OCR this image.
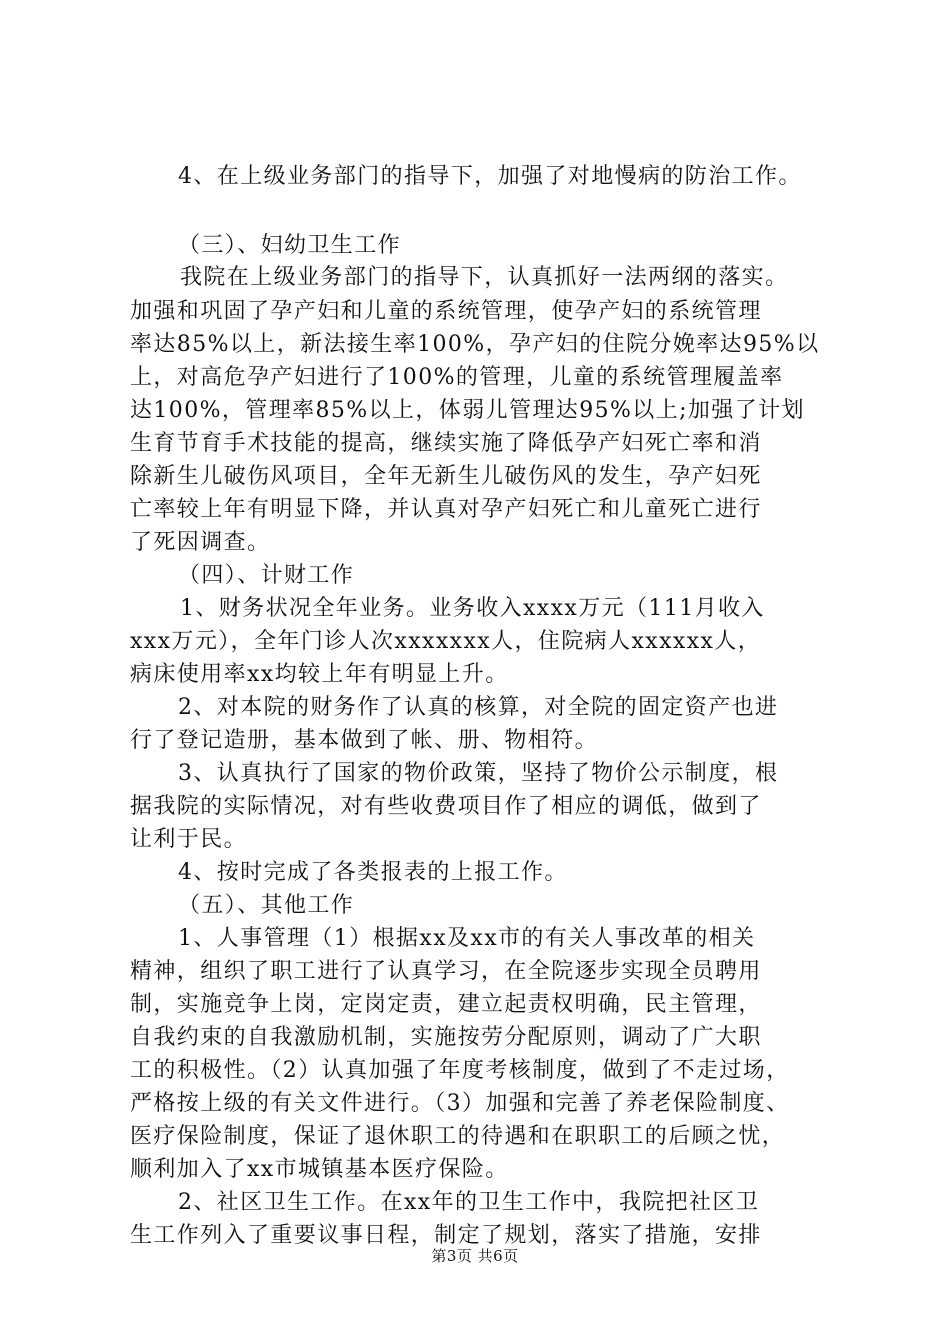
4、在上级业务部门的指导下，加强了对地慢病的防治工作。
（三）、妇幼卫生工作
我院在上级业务部门的指导下，认真抓好一法两纲的落实。
加强和巩固了孕产妇和儿童的系统管理，使孕产妇的系统管理
率达85%以上，新法接生率100%，孕产妇的住院分娩率达95%以
上，对高危孕产妇进行了100%的管理，儿童的系统管理履盖率
达100%，管理率85%以上，体弱儿管理达95%以上;加强了计划
生育节育手术技能的提高，继续实施了降低孕产妇死亡率和消
除新生儿破伤风项目，全年无新生儿破伤风的发生，孕产妇死
亡率较上年有明显下降，并认真对孕产妇死亡和儿童死亡进行
了死因调查。
（四）、计财工作
1、财务状况全年业务。业务收入xxxx万元（111月收入
xxx万元），全年门诊人次xxxxxxx人，住院病人xxxxxx人，
病床使用率xx均较上年有明显上升。
2、对本院的财务作了认真的核算，对全院的固定资产也进
行了登记造册，基本做到了帐、册、物相符。
3、认真执行了国家的物价政策，坚持了物价公示制度，根
据我院的实际情况，对有些收费项目作了相应的调低，做到了
让利于民。
4、按时完成了各类报表的上报工作。
（五）、其他工作
1、人事管理（1）根据xx及xx市的有关人事改革的相关
精神，组织了职工进行了认真学习，在全院逐步实现全员聘用
制，实施竞争上岗，定岗定责，建立起责权明确，民主管理，
自我约束的自我激励机制，实施按劳分配原则，调动了广大职
工的积极性。（2）认真加强了年度考核制度，做到了不走过场，
严格按上级的有关文件进行。（3）加强和完善了养老保险制度、
医疗保险制度，保证了退休职工的待遇和在职职工的后顾之忧，
顺利加入了xx市城镇基本医疗保险。
2、社区卫生工作。在xx年的卫生工作中，我院把社区卫
生工作列入了重要议事日程，制定了规划，落实了措施，安排
第3页 共6页
